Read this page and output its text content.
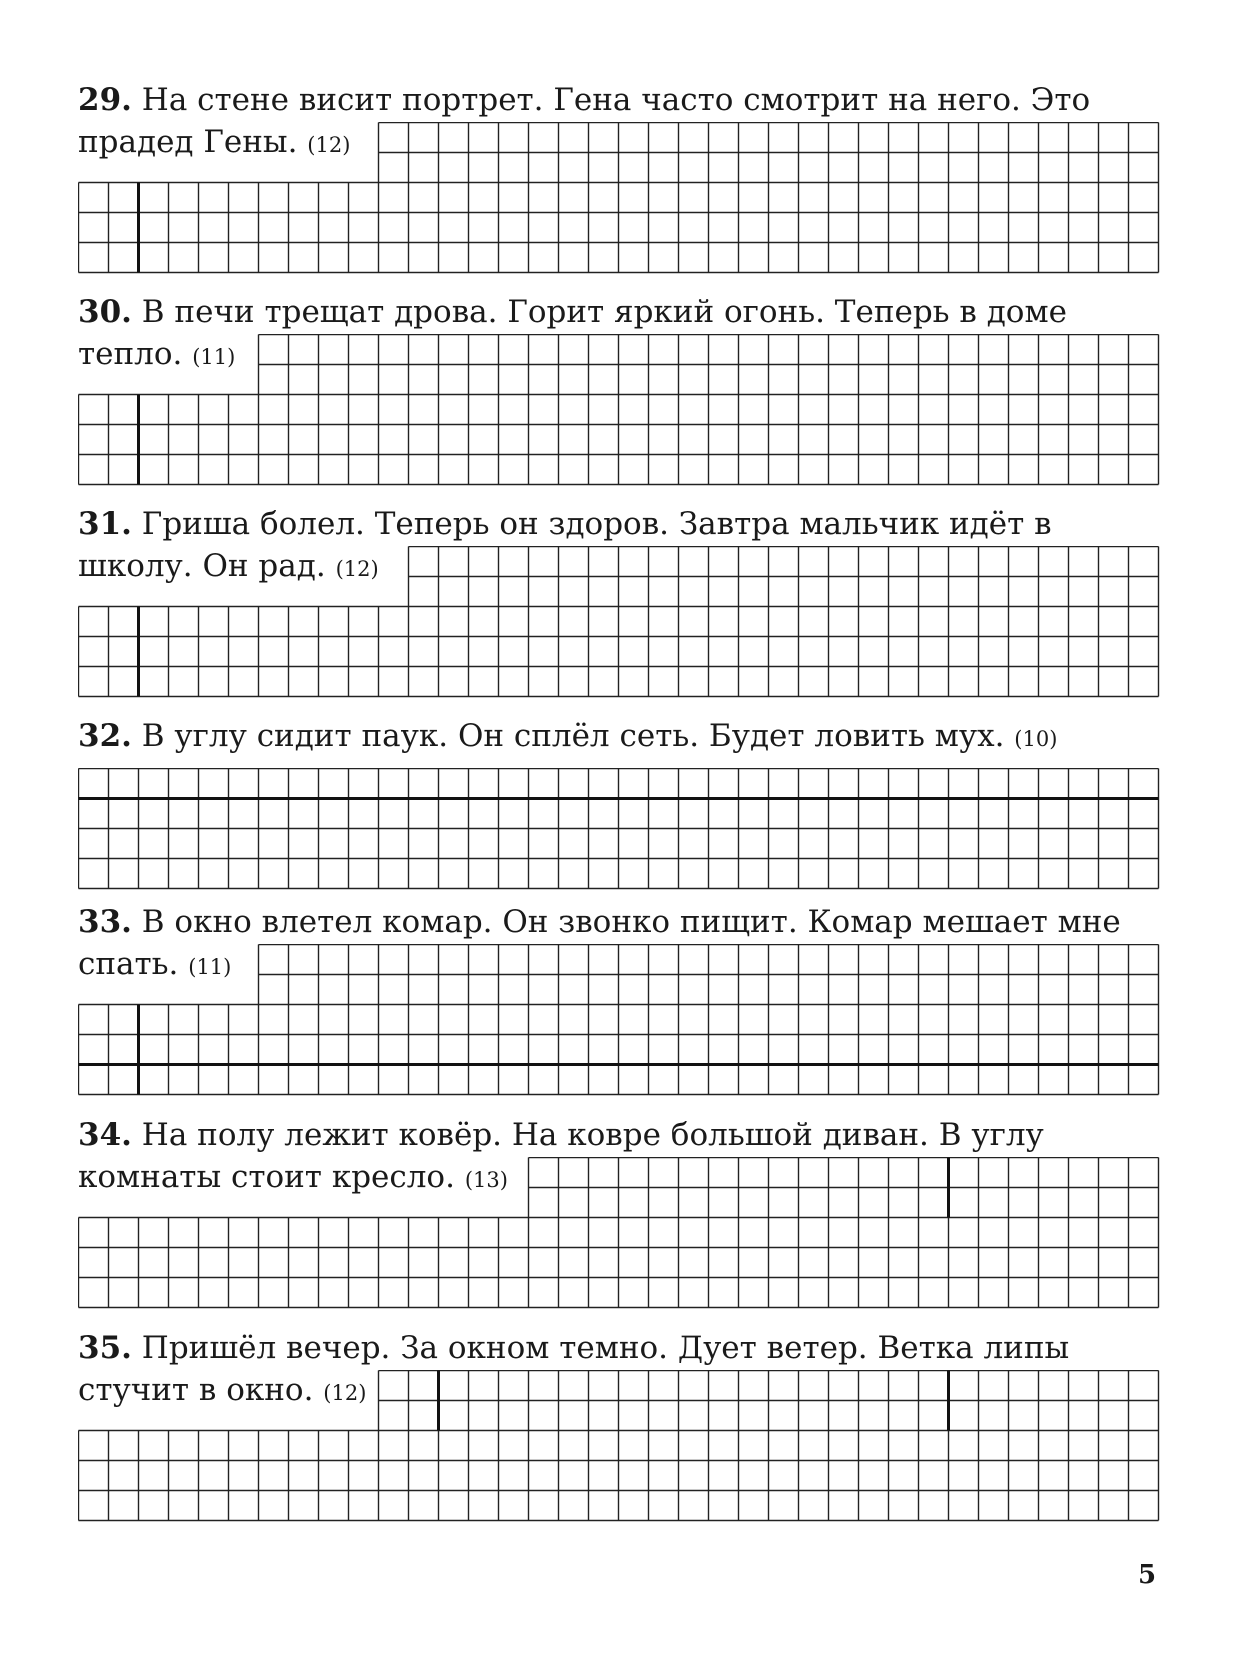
29. На стене висит портрет. Гена часто смотрит на него. Это
прадед Гены. (12)
30. В печи трещат дрова. Горит яркий огонь. Теперь в доме
тепло. (11)
31. Гриша болел. Теперь он здоров. Завтра мальчик идёт в
школу. Он рад. (12)
32. В углу сидит паук. Он сплёл сеть. Будет ловить мух. (10)
33. В окно влетел комар. Он звонко пищит. Комар мешает мне
спать. (11)
34. На полу лежит ковёр. На ковре большой диван. В углу
комнаты стоит кресло. (13)
35. Пришёл вечер. За окном темно. Дует ветер. Ветка липы
стучит в окно. (12)
5
